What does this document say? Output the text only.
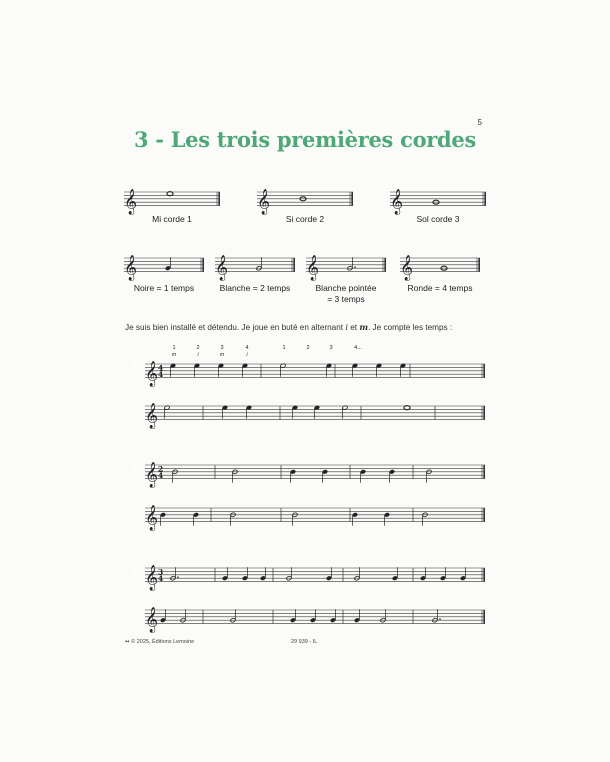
5
3 - Les trois premières cordes
𝄞	𝄞	𝄞
Mi corde 1	Si corde 2	Sol corde 3
𝄞	𝄞	𝄞	𝄞
Noire = 1 temps	Blanche = 2 temps	Blanche pointée
= 3 temps
Ronde = 4 temps
Je suis bien installé et détendu. Je joue en buté en alternant i et m. Je compte les temps :
1	2	3	4	1	2	3	4...
m	i	m	i
1
2
3
𝄞 4
4
𝄞
𝄞 2
4
𝄞
𝄞 3
4
𝄞
➻ © 2025, Éditions Lemoine	29 939 - IL
